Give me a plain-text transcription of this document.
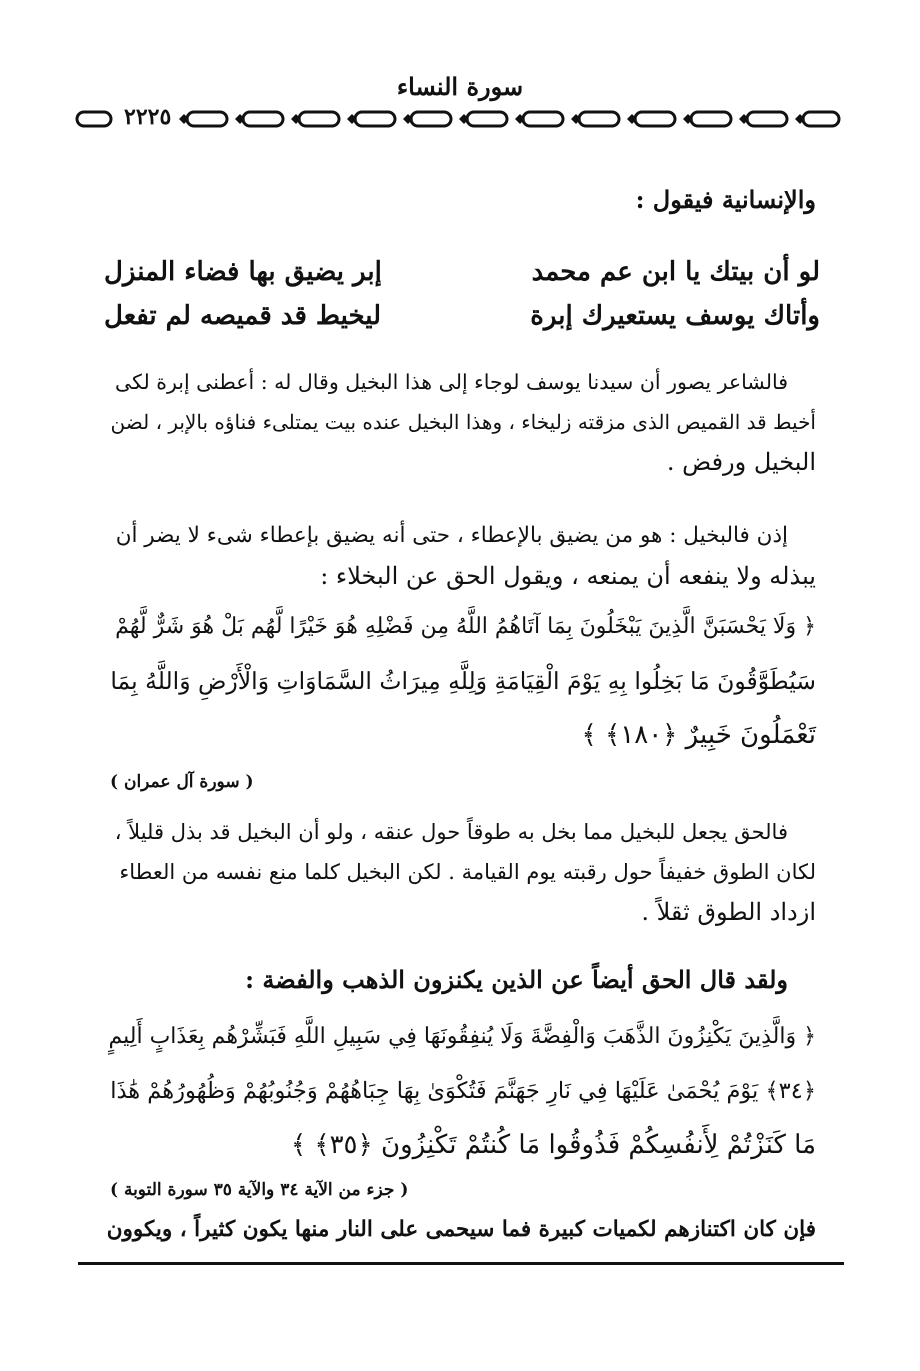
سورة النساء
٢٢٢٥
والإنسانية فيقول :
لو أن بيتك يا ابن عم محمد
وأتاك يوسف يستعيرك إبرة
إبر يضيق بها فضاء المنزل
ليخيط قد قميصه لم تفعل
فالشاعر يصور أن سيدنا يوسف لوجاء إلى هذا البخيل وقال له : أعطنى إبرة لكى
أخيط قد القميص الذى مزقته زليخاء ، وهذا البخيل عنده بيت يمتلىء فناؤه بالإبر ، لضن
البخيل ورفض .
إذن فالبخيل : هو من يضيق بالإعطاء ، حتى أنه يضيق بإعطاء شىء لا يضر أن
يبذله ولا ينفعه أن يمنعه ، ويقول الحق عن البخلاء :
﴿ وَلَا يَحْسَبَنَّ الَّذِينَ يَبْخَلُونَ بِمَا آتَاهُمُ اللَّهُ مِن فَضْلِهِ هُوَ خَيْرًا لَّهُم بَلْ هُوَ شَرٌّ لَّهُمْ
سَيُطَوَّقُونَ مَا بَخِلُوا بِهِ يَوْمَ الْقِيَامَةِ وَلِلَّهِ مِيرَاثُ السَّمَاوَاتِ وَالْأَرْضِ وَاللَّهُ بِمَا
تَعْمَلُونَ خَبِيرٌ ﴿١٨٠﴾ ﴾
( سورة آل عمران )
فالحق يجعل للبخيل مما بخل به طوقاً حول عنقه ، ولو أن البخيل قد بذل قليلاً ،
لكان الطوق خفيفاً حول رقبته يوم القيامة . لكن البخيل كلما منع نفسه من العطاء
ازداد الطوق ثقلاً .
ولقد قال الحق أيضاً عن الذين يكنزون الذهب والفضة :
﴿ وَالَّذِينَ يَكْنِزُونَ الذَّهَبَ وَالْفِضَّةَ وَلَا يُنفِقُونَهَا فِي سَبِيلِ اللَّهِ فَبَشِّرْهُم بِعَذَابٍ أَلِيمٍ
﴿٣٤﴾ يَوْمَ يُحْمَىٰ عَلَيْهَا فِي نَارِ جَهَنَّمَ فَتُكْوَىٰ بِهَا جِبَاهُهُمْ وَجُنُوبُهُمْ وَظُهُورُهُمْ هَٰذَا
مَا كَنَزْتُمْ لِأَنفُسِكُمْ فَذُوقُوا مَا كُنتُمْ تَكْنِزُونَ ﴿٣٥﴾ ﴾
( جزء من الآية ٣٤ والآية ٣٥ سورة التوبة )
فإن كان اكتنازهم لكميات كبيرة فما سيحمى على النار منها يكون كثيراً ، ويكوون
